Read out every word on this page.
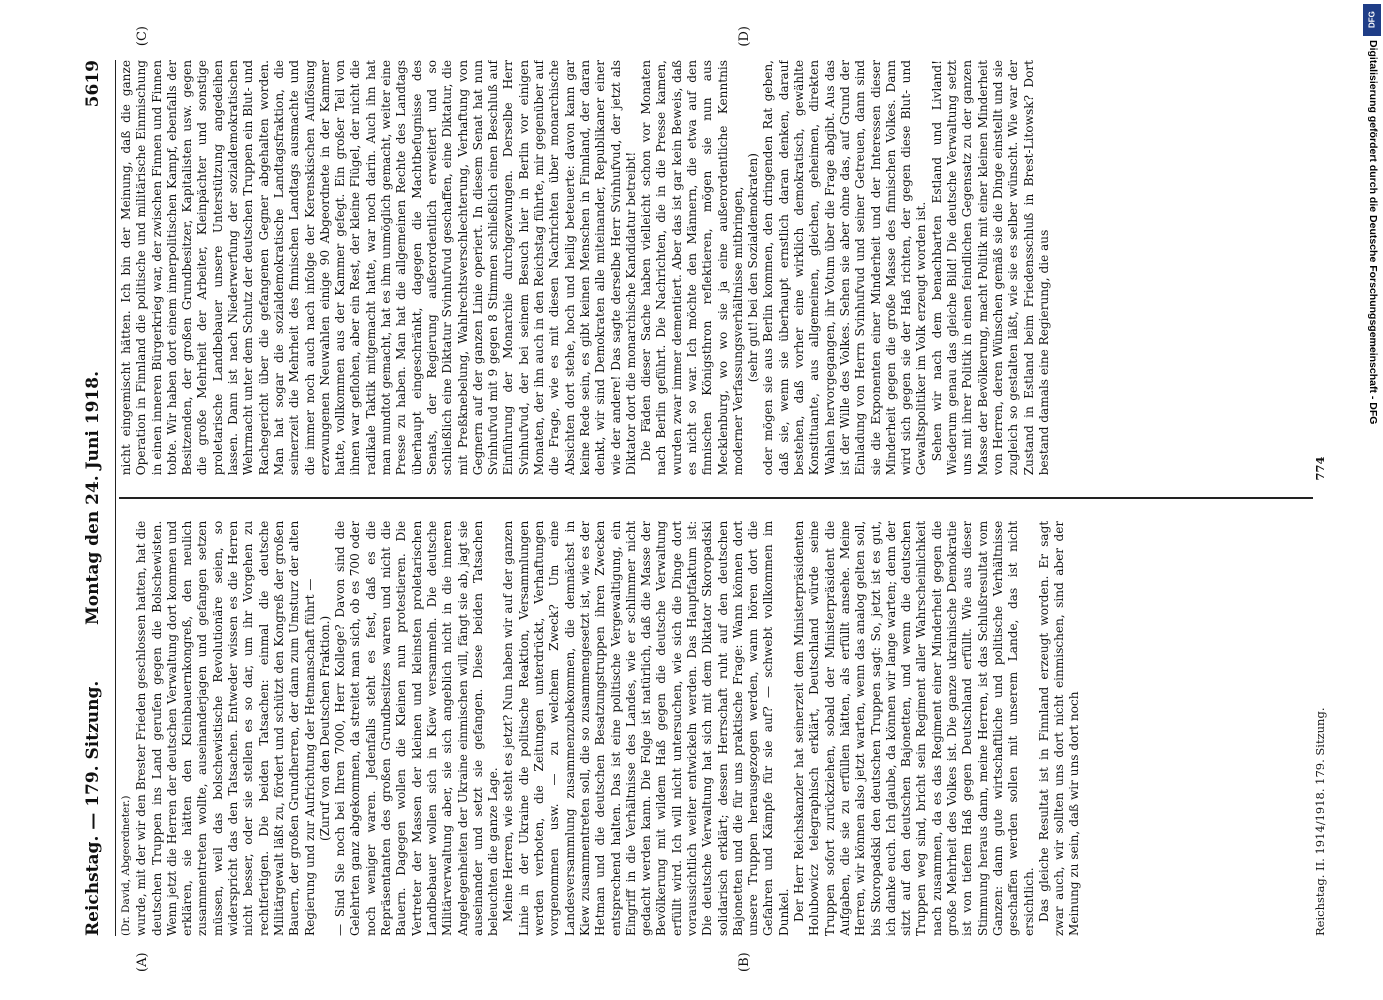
Reichstag. — 179. Sitzung.
Montag den 24. Juni 1918.
5619
(A)	(B)
(C)	(D)

(Dr. David, Abgeordneter.) wurde, mit der wir den Brester Frieden geschlossen hatten, hat die deutschen Truppen ins Land gerufen gegen die Bolschewisten. Wenn jetzt die Herren der deutschen Verwaltung dort kommen und erklären, sie hätten den Kleinbauernkongreß, den neulich zusammentreten wollte, auseinanderjagen und gefangen setzen müssen, weil das bolschewistische Revolutionäre seien, so widerspricht das den Tatsachen. Entweder wissen es die Herren nicht besser, oder sie stellen es so dar, um ihr Vorgehen zu rechtfertigen. Die beiden Tatsachen: einmal die deutsche Militärgewalt läßt zu, fördert und schützt den Kongreß der großen Bauern, der großen Grundherren, der dann zum Umsturz der alten Regierung und zur Aufrichtung der Hetmanschaft führt — (Zuruf von den Deutschen Fraktion.) — Sind Sie noch bei Ihren 7000, Herr Kollege? Davon sind die Gelehrten ganz abgekommen, da streitet man sich, ob es 700 oder noch weniger waren. Jedenfalls steht es fest, daß es die Repräsentanten des großen Grundbesitzes waren und nicht die Bauern. Dagegen wollen die Kleinen nun protestieren. Die Vertreter der Massen der kleinen und kleinsten proletarischen Landbebauer wollen sich in Kiew versammeln. Die deutsche Militärverwaltung aber, sie sich angeblich nicht in die inneren Angelegenheiten der Ukraine einmischen will, fängt sie ab, jagt sie auseinander und setzt sie gefangen. Diese beiden Tatsachen beleuchten die ganze Lage. Meine Herren, wie steht es jetzt? Nun haben wir auf der ganzen Linie in der Ukraine die politische Reaktion, Versammlungen werden verboten, die Zeitungen unterdrückt, Verhaftungen vorgenommen usw. — zu welchem Zweck? Um eine Landesversammlung zusammenzubekommen, die demnächst in Kiew zusammentreten soll, die so zusammengesetzt ist, wie es der Hetman und die deutschen Besatzungstruppen ihren Zwecken entsprechend halten. Das ist eine politische Vergewaltigung, ein Eingriff in die Verhältnisse des Landes, wie er schlimmer nicht gedacht werden kann. Die Folge ist natürlich, daß die Masse der Bevölkerung mit wildem Haß gegen die deutsche Verwaltung erfüllt wird. Ich will nicht untersuchen, wie sich die Dinge dort voraussichtlich weiter entwickeln werden. Das Hauptfaktum ist: Die deutsche Verwaltung hat sich mit dem Diktator Skoropadski solidarisch erklärt; dessen Herrschaft ruht auf den deutschen Bajonetten und die für uns praktische Frage: Wann können dort unsere Truppen herausgezogen werden, wann hören dort die Gefahren und Kämpfe für sie auf? — schwebt vollkommen im Dunkel. Der Herr Reichskanzler hat seinerzeit dem Ministerpräsidenten Holubowicz telegraphisch erklärt, Deutschland würde seine Truppen sofort zurückziehen, sobald der Ministerpräsident die Aufgaben, die sie zu erfüllen hätten, als erfüllt ansehe. Meine Herren, wir können also jetzt warten, wenn das analog gelten soll, bis Skoropadski den deutschen Truppen sagt: So, jetzt ist es gut, ich danke euch. Ich glaube, da können wir lange warten; denn der sitzt auf den deutschen Bajonetten, und wenn die deutschen Truppen weg sind, bricht sein Regiment aller Wahrscheinlichkeit nach zusammen, da es das Regiment einer Minderheit gegen die große Mehrheit des Volkes ist. Die ganze ukrainische Demokratie ist von tiefem Haß gegen Deutschland erfüllt. Wie aus dieser Stimmung heraus dann, meine Herren, ist das Schlußresultat vom Ganzen: dann gute wirtschaftliche und politische Verhältnisse geschaffen werden sollen mit unserem Lande, das ist nicht ersichtlich. Das gleiche Resultat ist in Finnland erzeugt worden. Er sagt zwar auch, wir sollten uns dort nicht einmischen, sind aber der Meinung zu sein, daß wir uns dort noch

nicht eingemischt hätten. Ich bin der Meinung, daß die ganze Operation in Finnland die politische und militärische Einmischung in einen inneren Bürgerkrieg war, der zwischen Finnen und Finnen tobte. Wir haben dort einem innerpolitischen Kampf, ebenfalls der Besitzenden, der großen Grundbesitzer, Kapitalisten usw. gegen die große Mehrheit der Arbeiter, Kleinpächter und sonstige proletarische Landbebauer unsere Unterstützung angedeihen lassen. Dann ist nach Niederwerfung der sozialdemokratischen Wehrmacht unter dem Schutz der deutschen Truppen ein Blut- und Rachegericht über die gefangenen Gegner abgehalten worden. Man hat sogar die sozialdemokratische Landtagsfraktion, die seinerzeit die Mehrheit des finnischen Landtags ausmachte und die immer noch auch nach infolge der Kerenskischen Auflösung erzwungenen Neuwahlen einige 90 Abgeordnete in der Kammer hatte, vollkommen aus der Kammer gefegt. Ein großer Teil von ihnen war geflohen, aber ein Rest, der kleine Flügel, der nicht die radikale Taktik mitgemacht hatte, war noch darin. Auch ihn hat man mundtot gemacht, hat es ihm unmöglich gemacht, weiter eine Presse zu haben. Man hat die allgemeinen Rechte des Landtags überhaupt eingeschränkt, dagegen die Machtbefugnisse des Senats, der Regierung außerordentlich erweitert und so schließlich eine Diktatur Svinhufvud geschaffen, eine Diktatur, die mit Preßknebelung, Wahlrechtsverschlechterung, Verhaftung von Gegnern auf der ganzen Linie operiert. In diesem Senat hat nun Svinhufvud mit 9 gegen 8 Stimmen schließlich einen Beschluß auf Einführung der Monarchie durchgezwungen. Derselbe Herr Svinhufvud, der bei seinem Besuch hier in Berlin vor einigen Monaten, der ihn auch in den Reichstag führte, mir gegenüber auf die Frage, wie es mit diesen Nachrichten über monarchische Absichten dort stehe, hoch und heilig beteuerte: davon kann gar keine Rede sein, es gibt keinen Menschen in Finnland, der daran denkt, wir sind Demokraten alle miteinander, Republikaner einer wie der andere! Das sagte derselbe Herr Svinhufvud, der jetzt als Diktator dort die monarchische Kandidatur betreibt! Die Fäden dieser Sache haben vielleicht schon vor Monaten nach Berlin geführt. Die Nachrichten, die in die Presse kamen, wurden zwar immer dementiert. Aber das ist gar kein Beweis, daß es nicht so war. Ich möchte den Männern, die etwa auf den finnischen Königsthron reflektieren, mögen sie nun aus Mecklenburg, wo wo sie ja eine außerordentliche Kenntnis moderner Verfassungsverhältnisse mitbringen, (sehr gut! bei den Sozialdemokraten) oder mögen sie aus Berlin kommen, den dringenden Rat geben, daß sie, wenn sie überhaupt ernstlich daran denken, darauf bestehen, daß vorher eine wirklich demokratisch, gewählte Konstituante, aus allgemeinen, gleichen, geheimen, direkten Wahlen hervorgegangen, ihr Votum über die Frage abgibt. Aus das ist der Wille des Volkes. Sehen sie aber ohne das, auf Grund der Einladung von Herrn Svinhufvud und seiner Getreuen, dann sind sie die Exponenten einer Minderheit und der Interessen dieser Minderheit gegen die große Masse des finnischen Volkes. Dann wird sich gegen sie der Haß richten, der gegen diese Blut- und Gewaltspolitiker im Volk erzeugt worden ist. Sehen wir nach dem benachbarten Estland und Livland! Wiederum genau das gleiche Bild! Die deutsche Verwaltung setzt uns mit ihrer Politik in einen feindlichen Gegensatz zu der ganzen Masse der Bevölkerung, macht Politik mit einer kleinen Minderheit von Herren, deren Wünschen gemäß sie die Dinge einstellt und sie zugleich so gestalten läßt, wie sie es selber wünscht. Wie war der Zustand in Estland beim Friedensschluß in Brest-Litowsk? Dort bestand damals eine Regierung, die aus

Reichstag. II. 1914/1918. 179. Sitzung.
774
DFG
Digitalisierung gefördert durch die Deutsche Forschungsgemeinschaft - DFG
